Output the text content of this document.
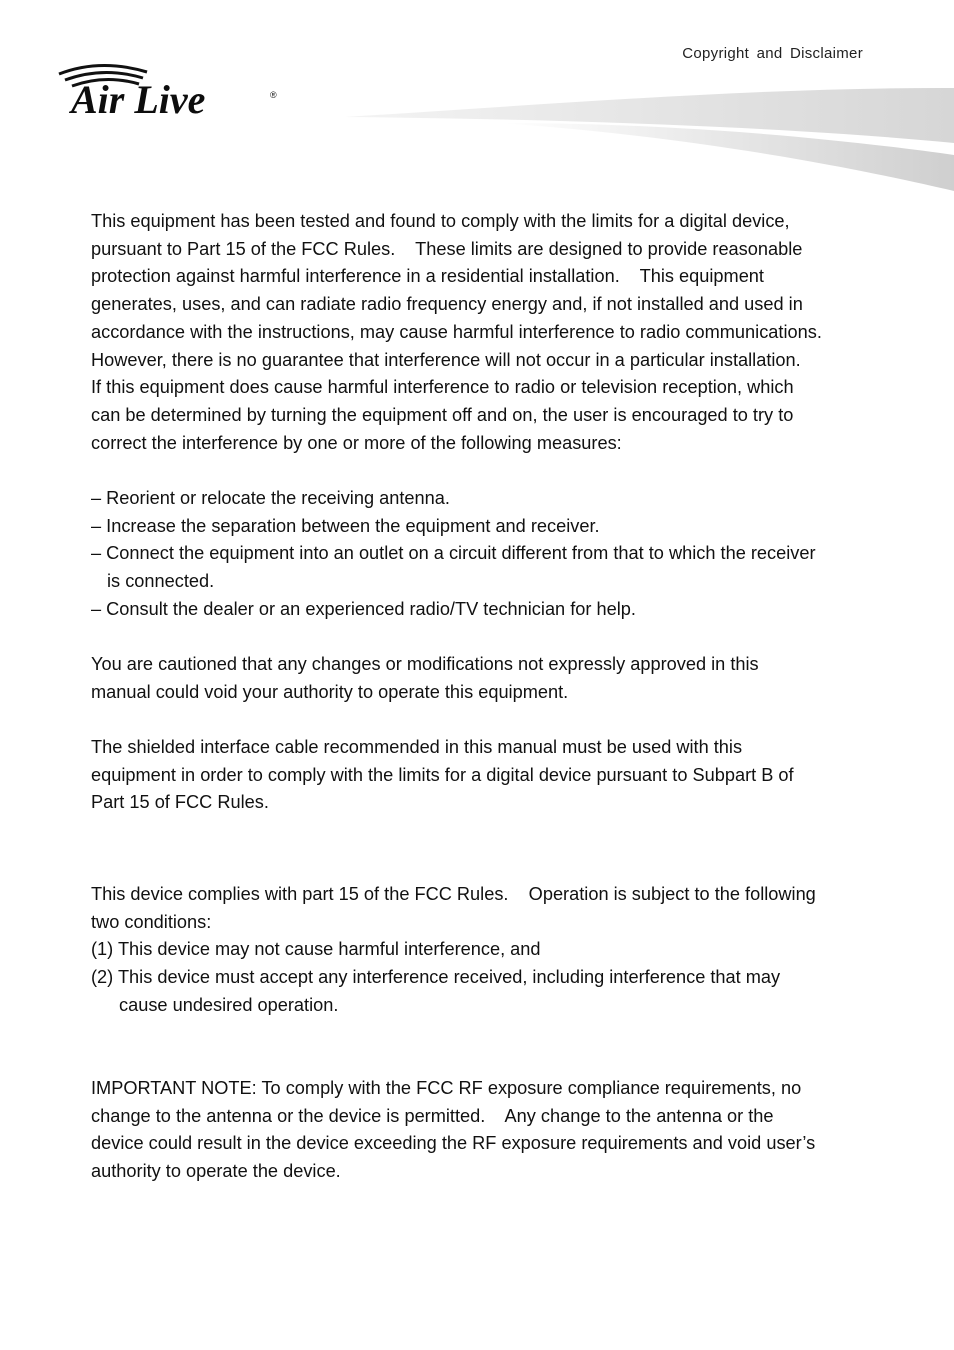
Copyright and Disclaimer
Air Live	®

This equipment has been tested and found to comply with the limits for a digital device,

pursuant to Part 15 of the FCC Rules.    These limits are designed to provide reasonable

protection against harmful interference in a residential installation.    This equipment

generates, uses, and can radiate radio frequency energy and, if not installed and used in

accordance with the instructions, may cause harmful interference to radio communications.

However, there is no guarantee that interference will not occur in a particular installation.

If this equipment does cause harmful interference to radio or television reception, which

can be determined by turning the equipment off and on, the user is encouraged to try to

correct the interference by one or more of the following measures:

– Reorient or relocate the receiving antenna.

– Increase the separation between the equipment and receiver.

– Connect the equipment into an outlet on a circuit different from that to which the receiver

is connected.

– Consult the dealer or an experienced radio/TV technician for help.

You are cautioned that any changes or modifications not expressly approved in this

manual could void your authority to operate this equipment.

The shielded interface cable recommended in this manual must be used with this

equipment in order to comply with the limits for a digital device pursuant to Subpart B of

Part 15 of FCC Rules.

This device complies with part 15 of the FCC Rules.    Operation is subject to the following

two conditions:

(1) This device may not cause harmful interference, and

(2) This device must accept any interference received, including interference that may

cause undesired operation.

IMPORTANT NOTE: To comply with the FCC RF exposure compliance requirements, no

change to the antenna or the device is permitted.    Any change to the antenna or the

device could result in the device exceeding the RF exposure requirements and void user’s

authority to operate the device.
